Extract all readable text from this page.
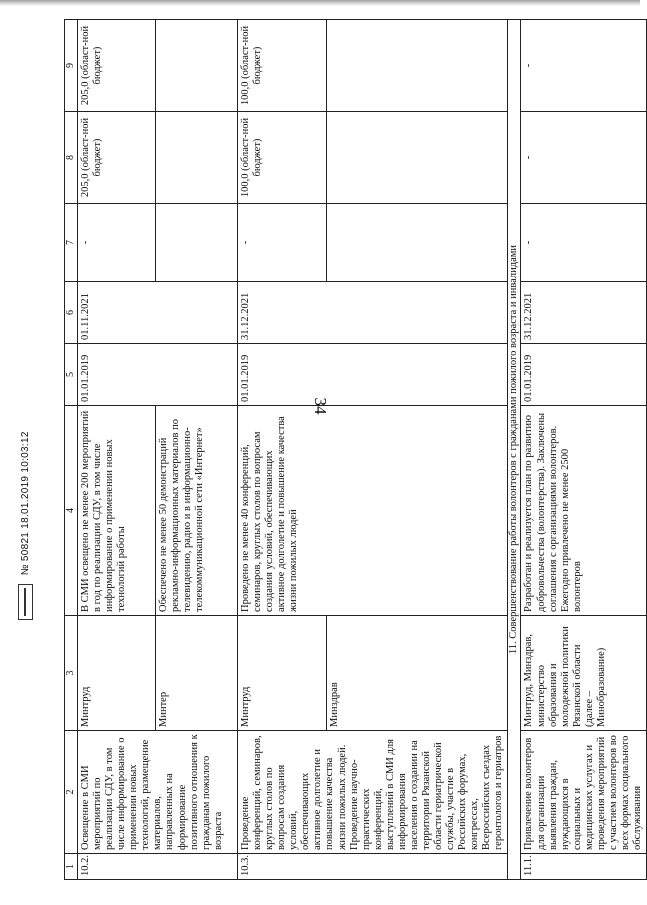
34
1	2	3	4	5	6	7	8	9
10.2.	Освещение в СМИ мероприятий по реализации СДУ, в том числе информирование о применении новых технологий, размещение материалов, направленных на формирование позитивного отношения к гражданам пожилого возраста	Минтруд	В СМИ освещено не менее 200 мероприятий в год по реализации СДУ, в том числе информирование о применении новых технологий работы	01.01.2019	01.11.2021	-	205,0 (област-ной бюджет)	205,0 (област-ной бюджет)
		Минтер	Обеспечено не менее 50 демонстраций рекламно-информационных материалов по телевидению, радио и в информационно-телекоммуникационной сети «Интернет»					
10.3.	Проведение конференций, семинаров, круглых столов по вопросам создания условий, обеспечивающих активное долголетие и повышение качества жизни пожилых людей. Проведение научно-практических конференций, выступлений в СМИ для информирования населения о создании на территории Рязанской области гериатрической службы, участие в Российских форумах, конгрессах, Всероссийских съездах геронтологов и гериатров	Минтруд	Проведено не менее 40 конференций, семинаров, круглых столов по вопросам создания условий, обеспечивающих активное долголетие и повышение качества жизни пожилых людей	01.01.2019	31.12.2021	-	100,0 (област-ной бюджет)	100,0 (област-ной бюджет)
		Минздрав						
11. Совершенствование работы волонтеров с гражданами пожилого возраста и инвалидами								
11.1.	Привлечение волонтеров для организации выявления граждан, нуждающихся в социальных и медицинских услугах и проведения мероприятий с участием волонтеров во всех формах социального обслуживания	Минтруд, Минздрав, министерство образования и молодежной политики Рязанской области (далее – Минобразование)	Разработан и реализуется план по развитию добровольчества (волонтерства). Заключены соглашения с организациями волонтеров. Ежегодно привлечено не менее 2500 волонтеров	01.01.2019	31.12.2021	-	-	-
№ 50821 18.01.2019 10:03:12
